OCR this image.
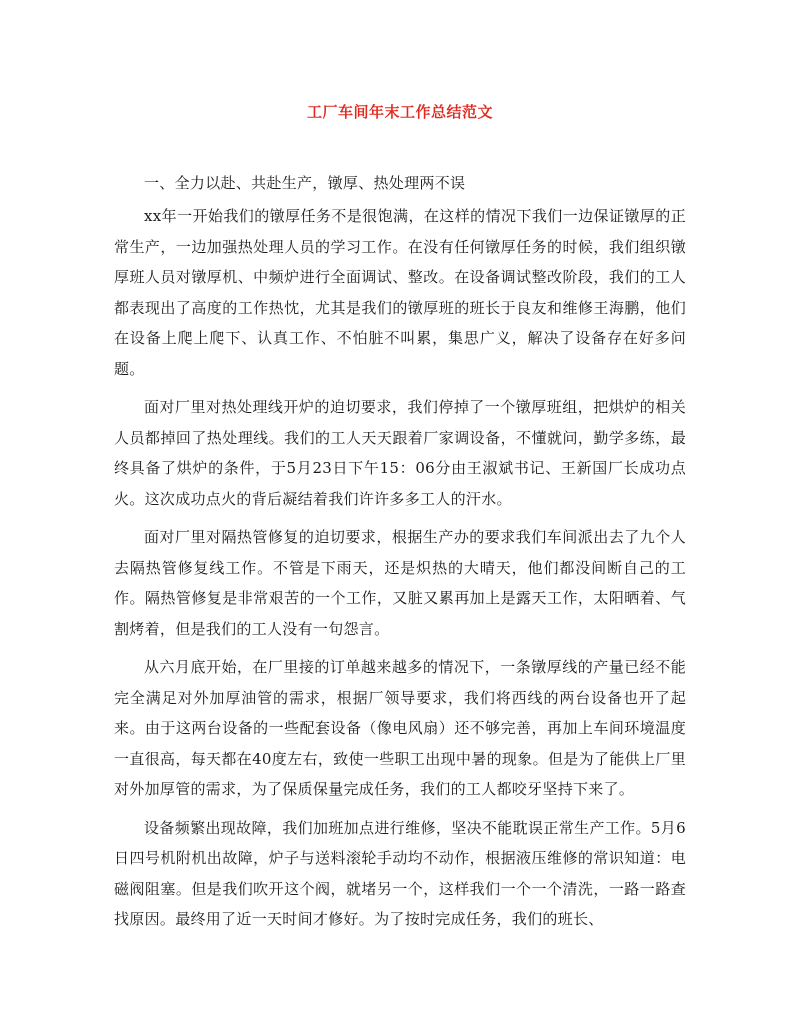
工厂车间年末工作总结范文

一、全力以赴、共赴生产，镦厚、热处理两不误

xx年一开始我们的镦厚任务不是很饱满，在这样的情况下我们一边保证镦厚的正常生产，一边加强热处理人员的学习工作。在没有任何镦厚任务的时候，我们组织镦厚班人员对镦厚机、中频炉进行全面调试、整改。在设备调试整改阶段，我们的工人都表现出了高度的工作热忱，尤其是我们的镦厚班的班长于良友和维修王海鹏，他们在设备上爬上爬下、认真工作、不怕脏不叫累，集思广义，解决了设备存在好多问题。

面对厂里对热处理线开炉的迫切要求，我们停掉了一个镦厚班组，把烘炉的相关人员都掉回了热处理线。我们的工人天天跟着厂家调设备，不懂就问，勤学多练，最终具备了烘炉的条件，于5月23日下午15：06分由王淑斌书记、王新国厂长成功点火。这次成功点火的背后凝结着我们许许多多工人的汗水。

面对厂里对隔热管修复的迫切要求，根据生产办的要求我们车间派出去了九个人去隔热管修复线工作。不管是下雨天，还是炽热的大晴天，他们都没间断自己的工作。隔热管修复是非常艰苦的一个工作，又脏又累再加上是露天工作，太阳晒着、气割烤着，但是我们的工人没有一句怨言。

从六月底开始，在厂里接的订单越来越多的情况下，一条镦厚线的产量已经不能完全满足对外加厚油管的需求，根据厂领导要求，我们将西线的两台设备也开了起来。由于这两台设备的一些配套设备（像电风扇）还不够完善，再加上车间环境温度一直很高，每天都在40度左右，致使一些职工出现中暑的现象。但是为了能供上厂里对外加厚管的需求，为了保质保量完成任务，我们的工人都咬牙坚持下来了。

设备频繁出现故障，我们加班加点进行维修，坚决不能耽误正常生产工作。5月6日四号机附机出故障，炉子与送料滚轮手动均不动作，根据液压维修的常识知道：电磁阀阻塞。但是我们吹开这个阀，就堵另一个，这样我们一个一个清洗，一路一路查找原因。最终用了近一天时间才修好。为了按时完成任务，我们的班长、
